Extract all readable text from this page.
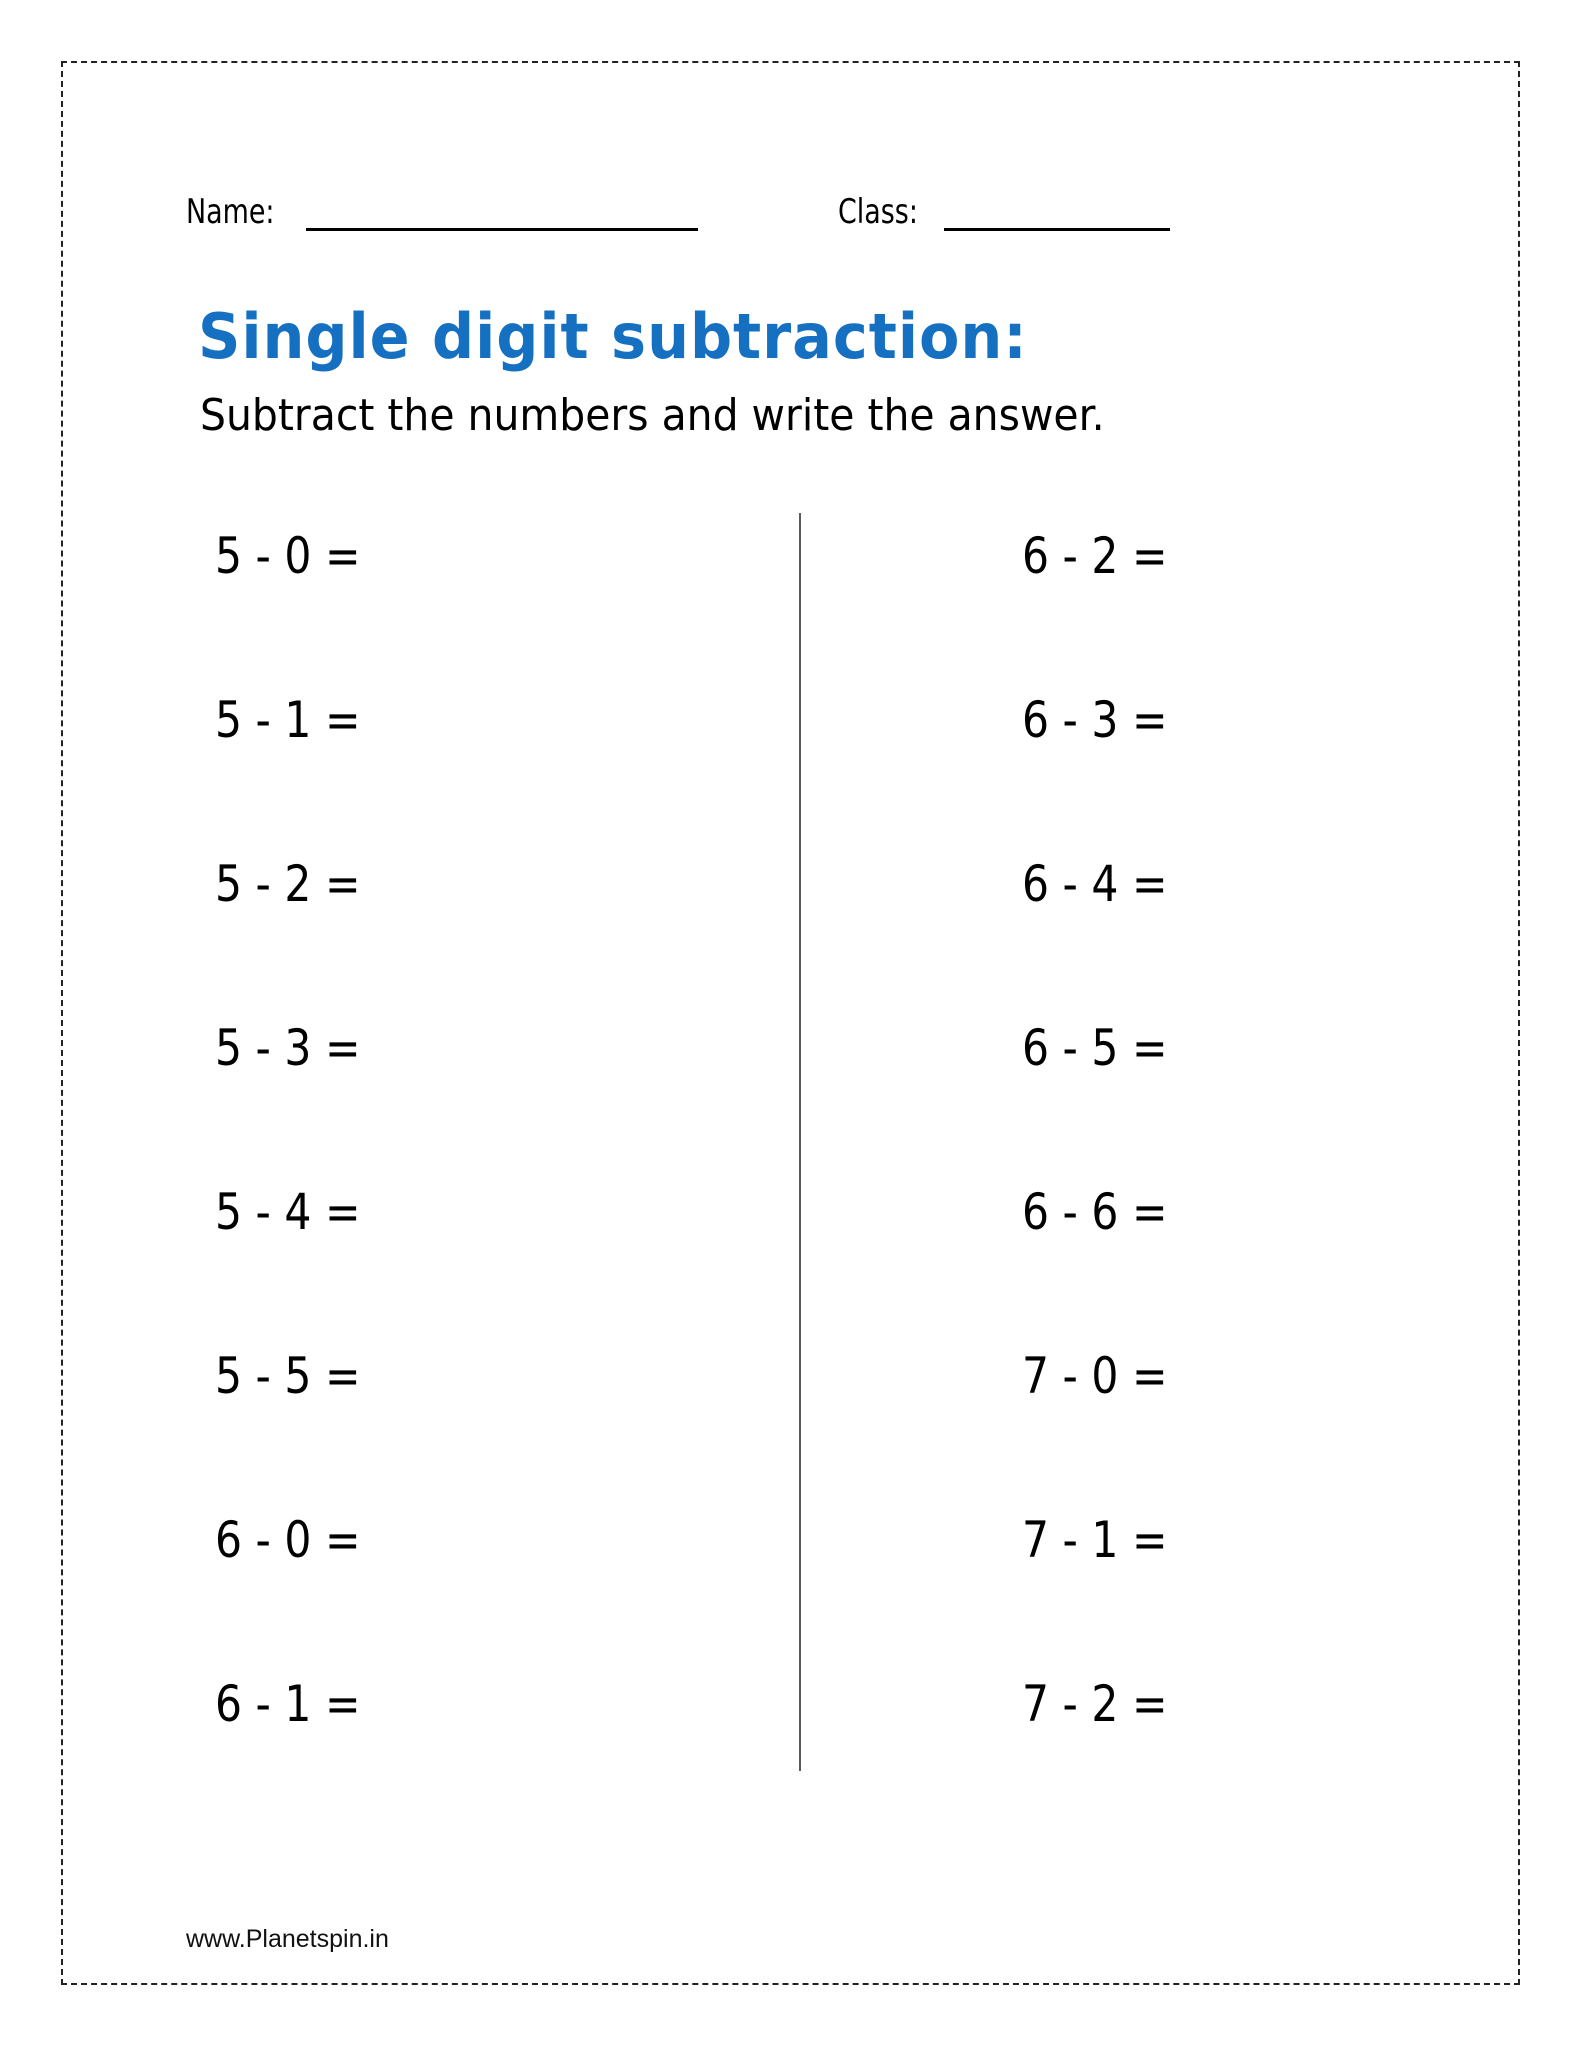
Name:	Class:
Single digit subtraction:
Subtract the numbers and write the answer.
5 - 0 =
5 - 1 =
5 - 2 =
5 - 3 =
5 - 4 =
5 - 5 =
6 - 0 =
6 - 1 =
6 - 2 =
6 - 3 =
6 - 4 =
6 - 5 =
6 - 6 =
7 - 0 =
7 - 1 =
7 - 2 =
www.Planetspin.in
